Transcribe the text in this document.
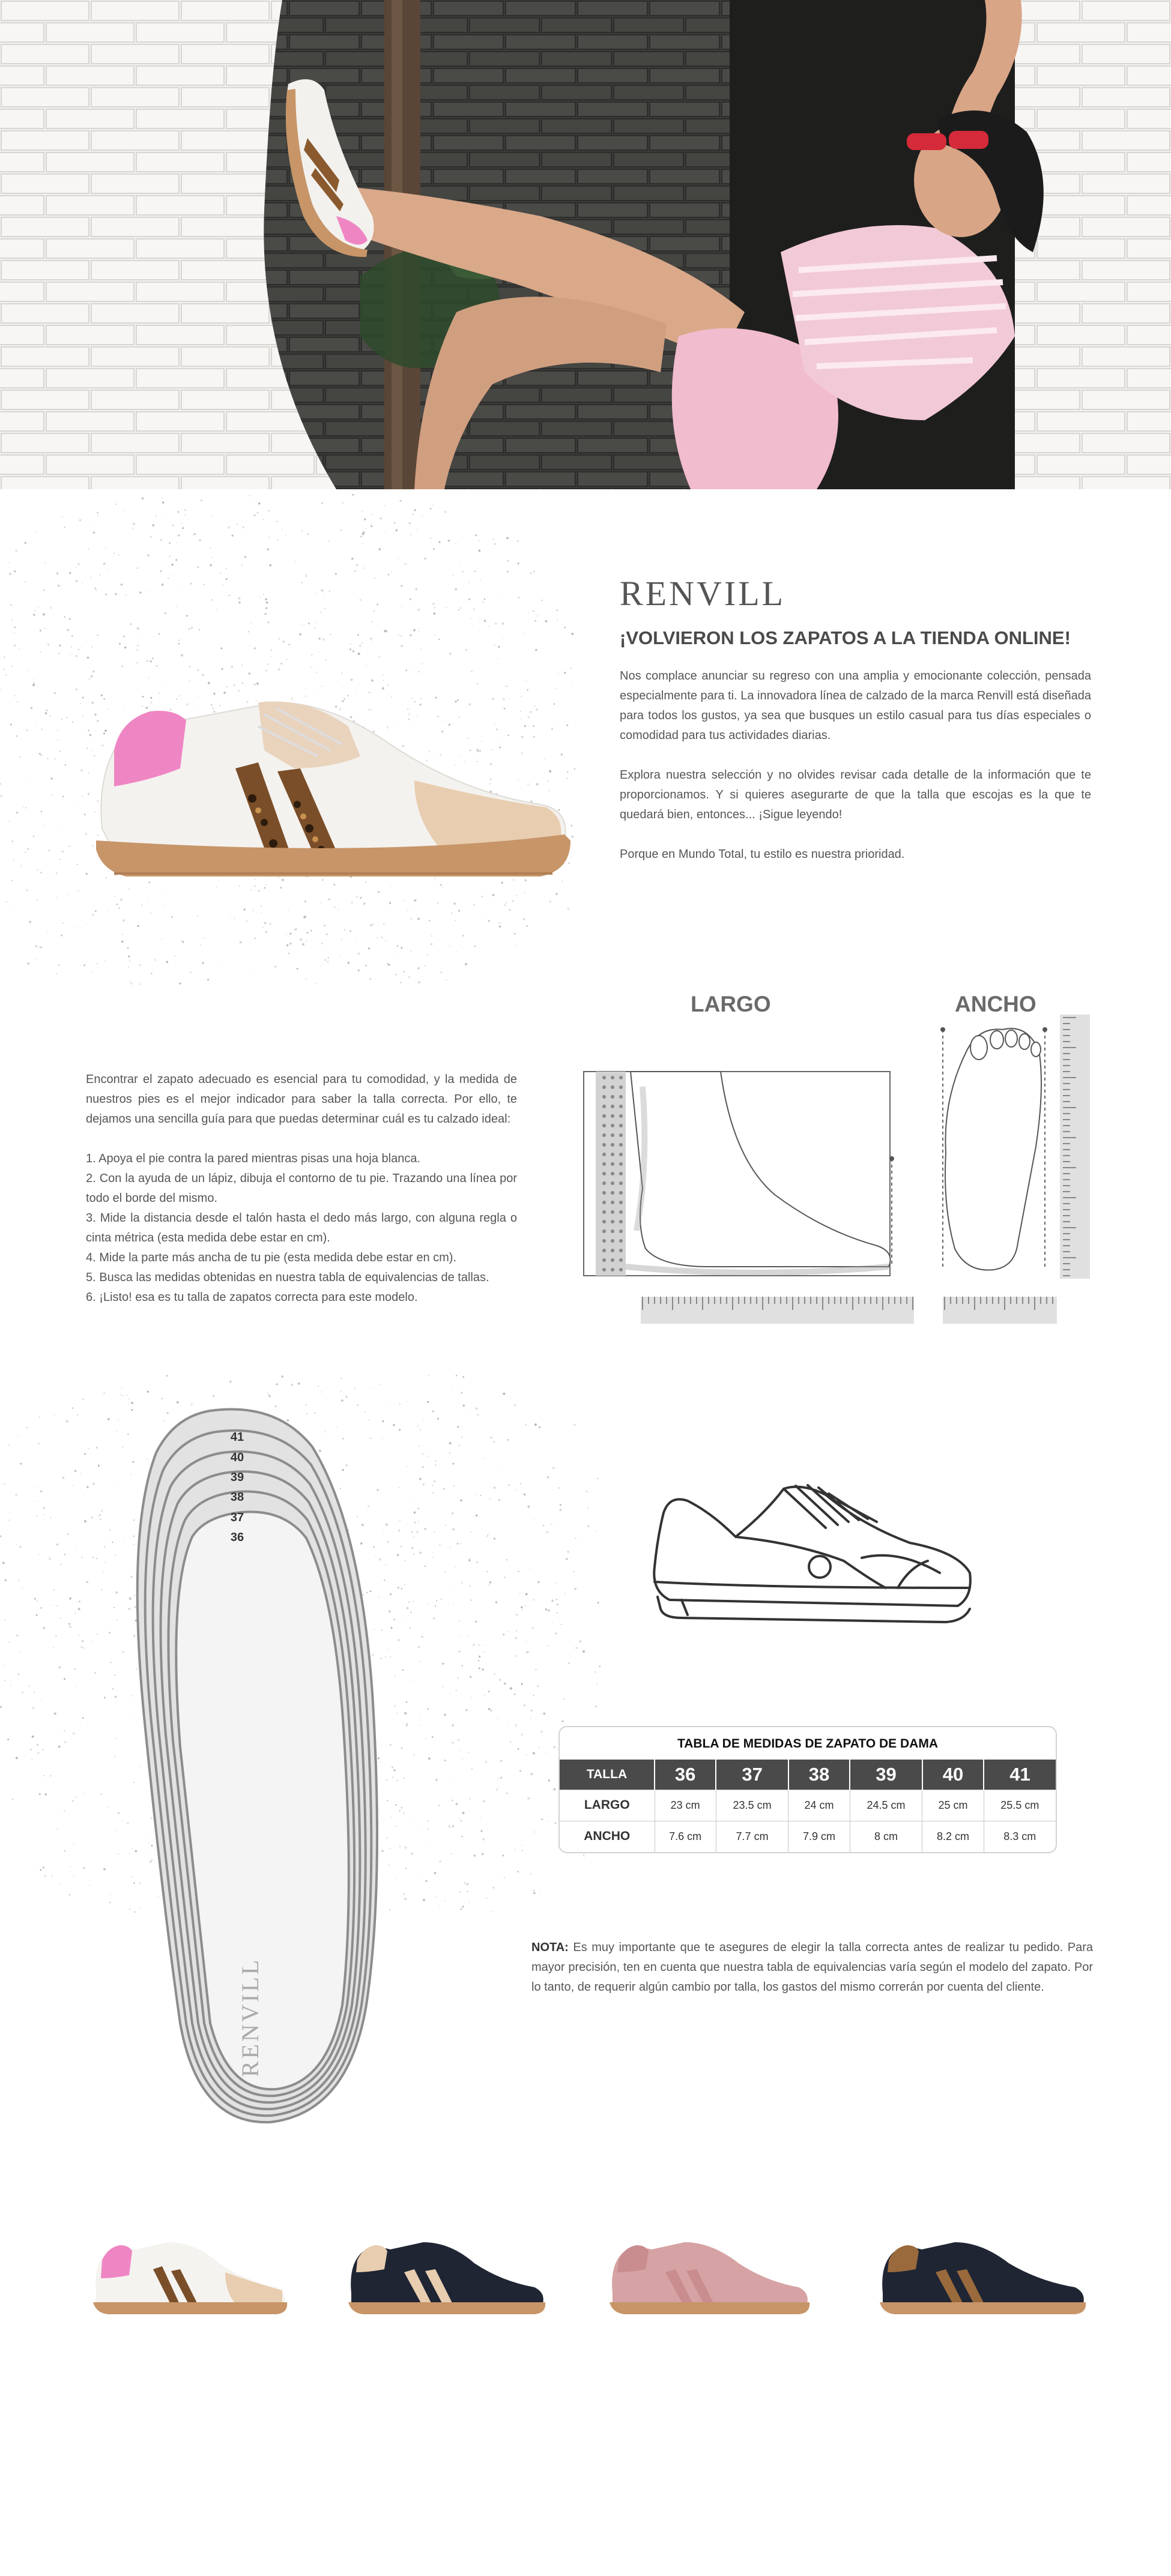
RENVILL
¡VOLVIERON LOS ZAPATOS A LA TIENDA ONLINE!

Nos complace anunciar su regreso con una amplia y emocionante colección, pensada especialmente para ti. La innovadora línea de calzado de la marca Renvill está diseñada para todos los gustos, ya sea que busques un estilo casual para tus días especiales o comodidad para tus actividades diarias.

Explora nuestra selección y no olvides revisar cada detalle de la información que te proporcionamos. Y si quieres asegurarte de que la talla que escojas es la que te quedará bien, entonces... ¡Sigue leyendo!

Porque en Mundo Total, tu estilo es nuestra prioridad.

Encontrar el zapato adecuado es esencial para tu comodidad, y la medida de nuestros pies es el mejor indicador para saber la talla correcta. Por ello, te dejamos una sencilla guía para que puedas determinar cuál es tu calzado ideal:

1. Apoya el pie contra la pared mientras pisas una hoja blanca.

2. Con la ayuda de un lápiz, dibuja el contorno de tu pie. Trazando una línea por todo el borde del mismo.

3. Mide la distancia desde el talón hasta el dedo más largo, con alguna regla o cinta métrica (esta medida debe estar en cm).

4. Mide la parte más ancha de tu pie (esta medida debe estar en cm).

5. Busca las medidas obtenidas en nuestra tabla de equivalencias de tallas.

6. ¡Listo! esa es tu talla de zapatos correcta para este modelo.

LARGO	ANCHO
41
40
39
38
37
36
RENVILL
TABLA DE MEDIDAS DE ZAPATO DE DAMA
TALLA	36	37	38	39	40	41
LARGO	23 cm	23.5 cm	24 cm	24.5 cm	25 cm	25.5 cm
ANCHO	7.6 cm	7.7 cm	7.9 cm	8 cm	8.2 cm	8.3 cm
NOTA: Es muy importante que te asegures de elegir la talla correcta antes de realizar tu pedido. Para mayor precisión, ten en cuenta que nuestra tabla de equivalencias varía según el modelo del zapato. Por lo tanto, de requerir algún cambio por talla, los gastos del mismo correrán por cuenta del cliente.
